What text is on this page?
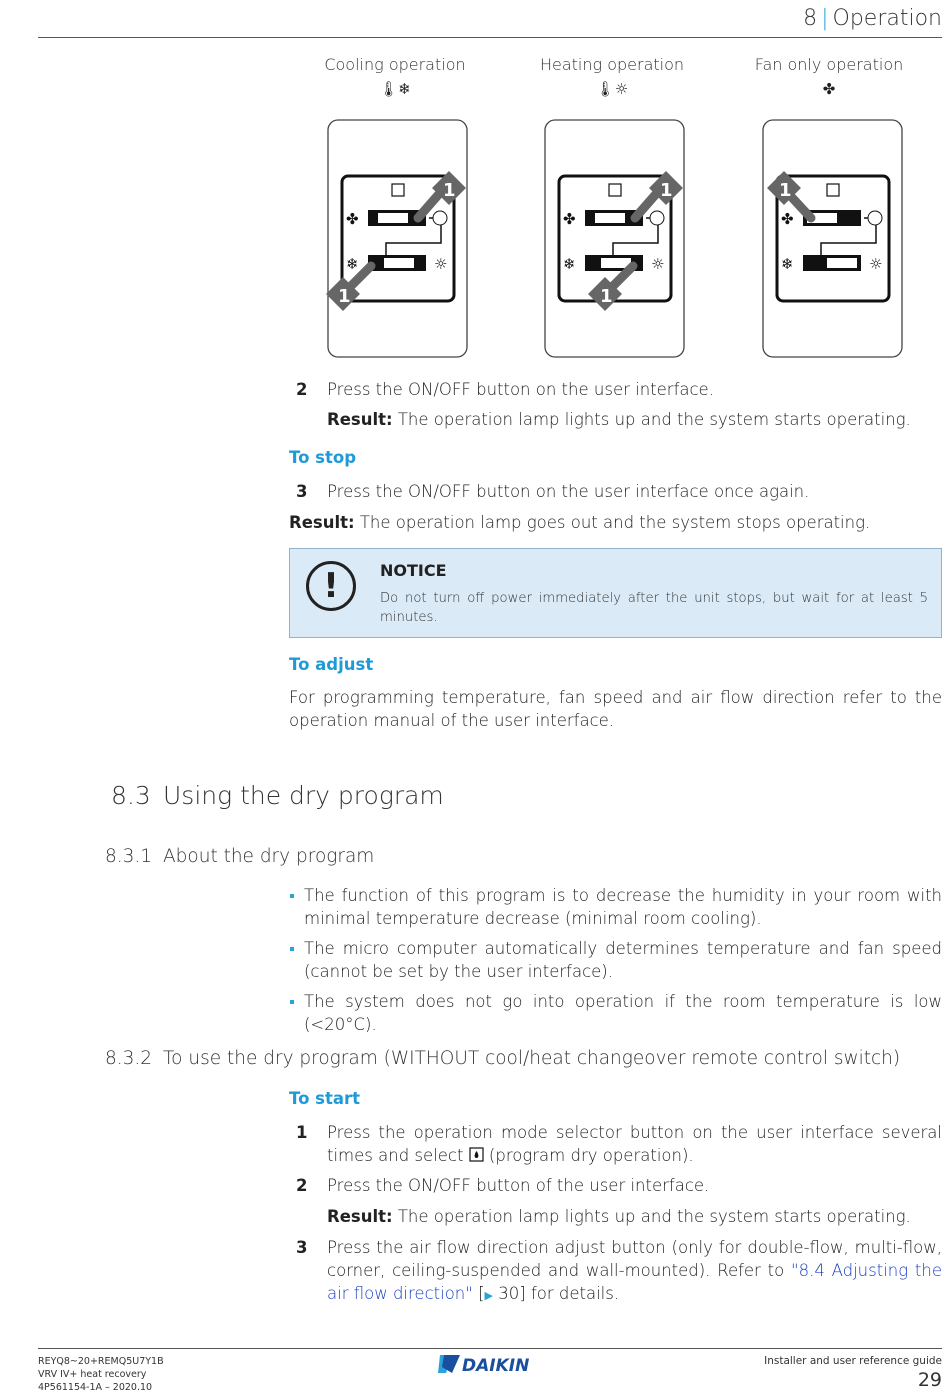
8 | Operation
Cooling operation
🌡❄
Heating operation
🌡☼
Fan only operation
✤
✤
❄	☼
1
1
✤
❄	☼
1
1
✤
❄	☼
1
2	Press the ON/OFF button on the user interface.
Result: The operation lamp lights up and the system starts operating.
To stop
3	Press the ON/OFF button on the user interface once again.
Result: The operation lamp goes out and the system stops operating.
!	NOTICE
Do not turn off power immediately after the unit stops, but wait for at least 5 minutes.
To adjust
For programming temperature, fan speed and air flow direction refer to the operation manual of the user interface.
8.3 Using the dry program
8.3.1 About the dry program
The function of this program is to decrease the humidity in your room with minimal temperature decrease (minimal room cooling).
The micro computer automatically determines temperature and fan speed (cannot be set by the user interface).
The system does not go into operation if the room temperature is low (<20°C).
8.3.2 To use the dry program (WITHOUT cool/heat changeover remote control switch)
To start
1	Press the operation mode selector button on the user interface several times and select  (program dry operation).
2	Press the ON/OFF button of the user interface.
Result: The operation lamp lights up and the system starts operating.
3	Press the air flow direction adjust button (only for double-flow, multi-flow, corner, ceiling-suspended and wall-mounted). Refer to "8.4 Adjusting the air flow direction" [▶ 30] for details.
REYQ8~20+REMQ5U7Y1B
VRV IV+ heat recovery
4P561154-1A – 2020.10
DAIKIN	Installer and user reference guide
29
